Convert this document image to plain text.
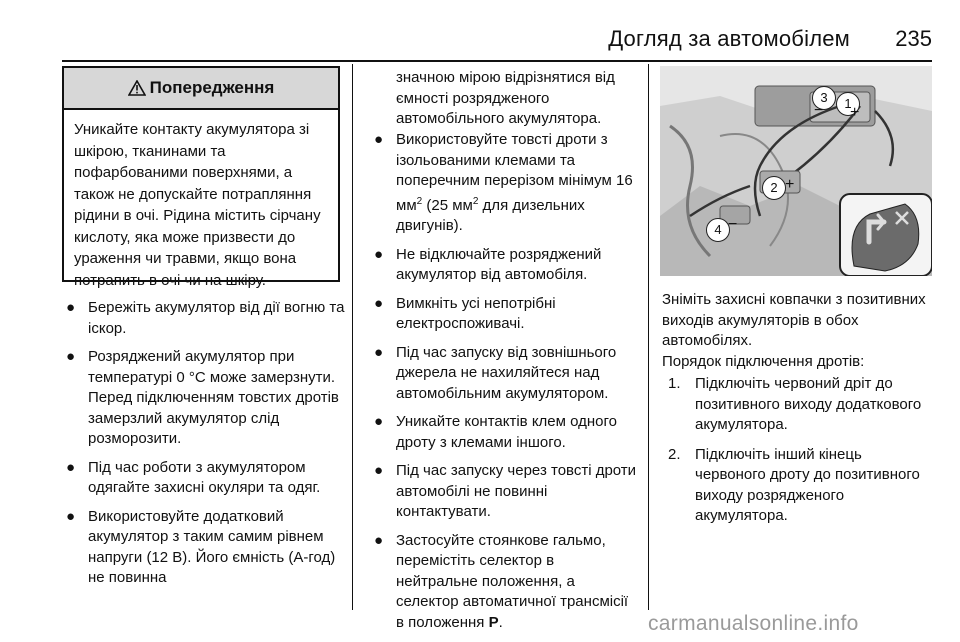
Догляд за автомобілем	235
Попередження
Уникайте контакту акумулятора зі шкірою, тканинами та пофарбованими поверхнями, а також не допускайте потрапляння рідини в очі. Рідина містить сірчану кислоту, яка може призвести до ураження чи травми, якщо вона потрапить в очі чи на шкіру.
● Бережіть акумулятор від дії вогню та іскор.
● Розряджений акумулятор при температурі 0 °C може замерзнути. Перед підключенням товстих дротів замерзлий акумулятор слід розморозити.
● Під час роботи з акумулятором одягайте захисні окуляри та одяг.
● Використовуйте додатковий акумулятор з таким самим рівнем напруги (12 В). Його ємність (А-год) не повинна

значною мірою відрізнятися від ємності розрядженого автомобільного акумулятора.

● Використовуйте товсті дроти з ізольованими клемами та поперечним перерізом мінімум 16 $мм^2$ (25 $мм^2$ для дизельних двигунів).
● Не відключайте розряджений акумулятор від автомобіля.
● Вимкніть усі непотрібні електроспоживачі.
● Під час запуску від зовнішнього джерела не нахиляйтеся над автомобільним акумулятором.
● Уникайте контактів клем одного дроту з клемами іншого.
● Під час запуску через товсті дроти автомобілі не повинні контактувати.
● Застосуйте стоянкове гальмо, перемістіть селектор в нейтральне положення, а селектор автоматичної трансмісії в положення P.
1
+
3
−
2 +
4 −

Зніміть захисні ковпачки з позитивних виходів акумуляторів в обох автомобілях.

Порядок підключення дротів:

1. Підключіть червоний дріт до позитивного виходу додаткового акумулятора.
2. Підключіть інший кінець червоного дроту до позитивного виходу розрядженого акумулятора.
carmanualsonline.info
